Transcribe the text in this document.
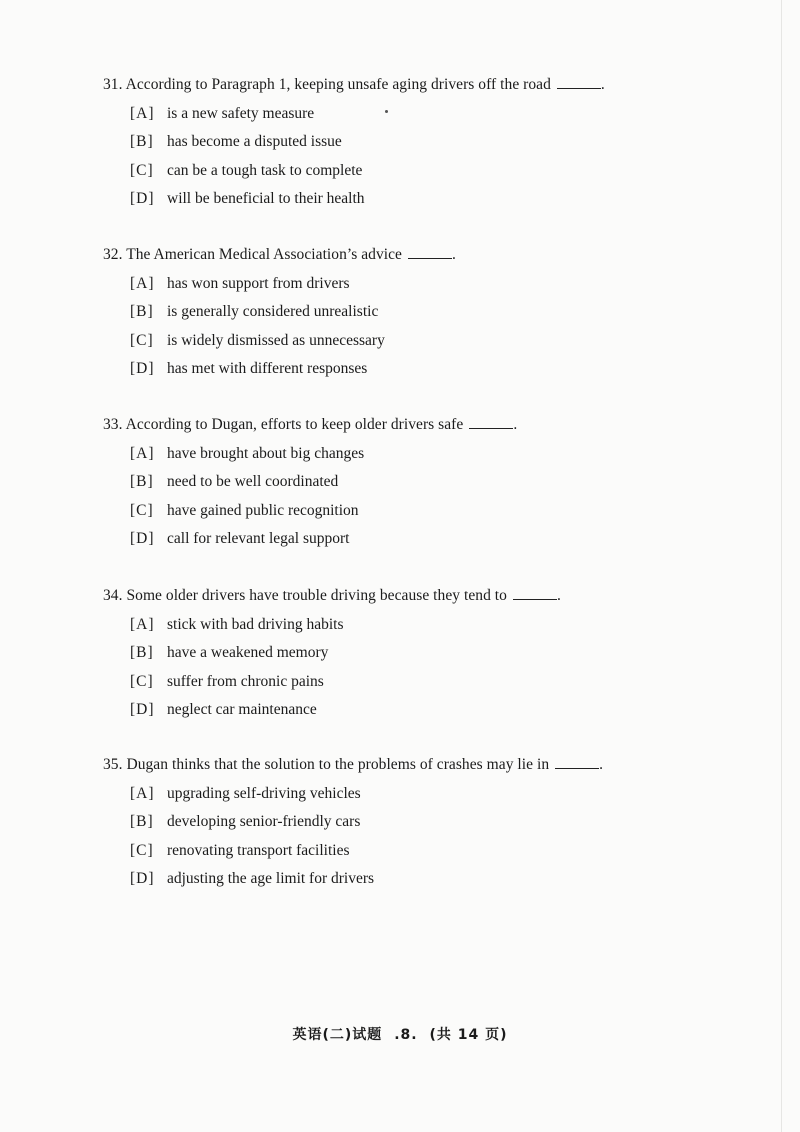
31. According to Paragraph 1, keeping unsafe aging drivers off the road	.
[A] is a new safety measure
[B] has become a disputed issue
[C] can be a tough task to complete
[D] will be beneficial to their health
32. The American Medical Association’s advice	.
[A] has won support from drivers
[B] is generally considered unrealistic
[C] is widely dismissed as unnecessary
[D] has met with different responses
33. According to Dugan, efforts to keep older drivers safe	.
[A] have brought about big changes
[B] need to be well coordinated
[C] have gained public recognition
[D] call for relevant legal support
34. Some older drivers have trouble driving because they tend to	.
[A] stick with bad driving habits
[B] have a weakened memory
[C] suffer from chronic pains
[D] neglect car maintenance
35. Dugan thinks that the solution to the problems of crashes may lie in	.
[A] upgrading self-driving vehicles
[B] developing senior-friendly cars
[C] renovating transport facilities
[D] adjusting the age limit for drivers
英语(二)试题 .8. (共 14 页)
